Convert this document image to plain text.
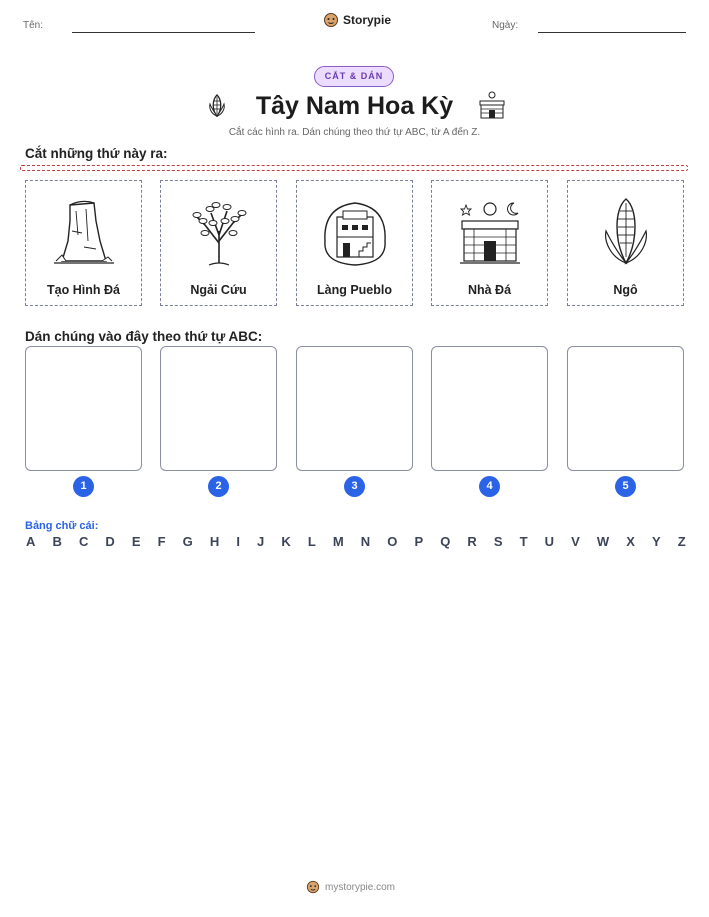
Tên:	Storypie	Ngày:
CẮT & DÁN
Tây Nam Hoa Kỳ
Cắt các hình ra. Dán chúng theo thứ tự ABC, từ A đến Z.
Cắt những thứ này ra:
Tạo Hình Đá	Ngải Cứu	Làng Pueblo	Nhà Đá	Ngô
Dán chúng vào đây theo thứ tự ABC:
1	2	3	4	5
Bảng chữ cái:
A B C D E F G H I J K L M N O P Q R S T U V W X Y Z
mystorypie.com
